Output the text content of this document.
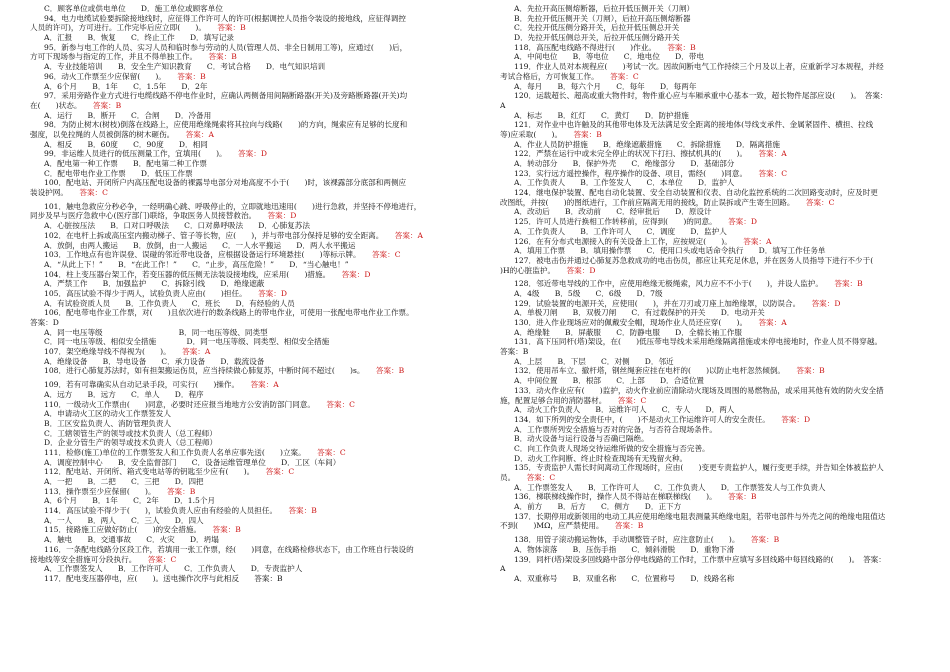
C．顾客单位或供电单位　　D．施工单位或顾客单位
94．电力电缆试验要拆除接地线时，应征得工作许可人的许可(根据调控人员指令装设的接地线，应征得调控
人员的许可)，方可进行。工作完毕后应立即(　　)。　　 答案：B
A．汇报　　B．恢复　　C．终止工作　　D．填写记录
95．新参与电工作的人员、实习人员和临时参与劳动的人员(管理人员、非全日制用工等)，应通过(　　)后，
方可下现场参与指定的工作，并且不得单独工作。　　 答案：B
A．专业技能培训　　B．安全生产知识教育　　C．考试合格　　D．电气知识培训
96．动火工作票至少应保留(　　)。　　 答案：B
A．6个月　　B．1年　　C．1.5年　　D．2年
97．采用旁路作业方式进行电缆线路不停电作业时，应确认两侧备用间隔断路器(开关)及旁路断路器(开关)均
在(　　)状态。　　 答案：B
A．运行　　B．断开　　C．合闸　　D．冷备用
98．为防止树木(树枝)倒落在线路上，应使用绝缘绳索将其拉向与线路(　　)的方向，绳索应有足够的长度和
强度，以免拉绳的人员被倒落的树木砸伤。　　 答案：A
A．相反　　B．60度　　C．90度　　D．相同
99．非运维人员进行的低压测量工作，宜填用(　　)。　　 答案：D
A．配电第一种工作票　　B．配电第二种工作票
C．配电带电作业工作票　　D．低压工作票
100．配电站、开闭所户内高压配电设备的裸露导电部分对地高度不小于(　　)时，该裸露部分底部和两侧应
装设护网。　　 答案：C
101．触电急救应分秒必争，一经明确心跳、呼吸停止的，立即就地迅速用(　　)进行急救，并坚持不停地进行，
同步及早与医疗急救中心(医疗部门)联络，争取医务人员接替救治。　　 答案：D
A．心脏按压法　　B．口对口呼吸法　　C．口对鼻呼吸法　　D．心肺复苏法
102．在电杆上拆或高压室内搬动梯子、管子等长物，应(　　)，并与带电部分保持足够的安全距离。　　 答案：A
A．放倒，由两人搬运　　B．放倒，由一人搬运　　C．一人水平搬运　　D．两人水平搬运
103．工作地点有也许误登、误碰的邻近带电设备，应根据设备运行环境悬挂(　　)等标示牌。　　 答案：C
A．“从此上下！”　　B．“在此工作！”　　C．“止步，高压危险！”　　D．“当心触电！”
104．柱上变压器台架工作，若变压器的低压侧无法装设接地线，应采用(　　)措施。　　 答案：D
A．严禁工作　　B．加强监护　　C．拆除引线　　D．绝缘遮蔽
105．高压试验不得少于两人，试验负责人应由(　　)担任。　　 答案：D
A．有试验资质人员　　B．工作负责人　　C．班长　　D．有经验的人员
106．配电带电作业工作票，对(　　)且依次进行的数条线路上的带电作业，可使用一张配电带电作业工作票。
答案：D
A．同一电压等级　　　　　　　　　　B．同一电压等级、同类型
C．同一电压等级、相似安全措施　　　　D．同一电压等级、同类型、相似安全措施
107．架空绝缘导线不得视为(　　)。　　 答案：A
A．绝缘设备　　B．导电设备　　C．承力设备　　D．载流设备
108．进行心肺复苏法时，如有担架搬运伤员，应当持续做心肺复苏，中断时间不超过(　　)s。　　 答案：B
109．若有可靠确实从自动记录手段，可实行(　　)操作。　　 答案：A
A．远方　　B．远方　　C．单人　　D．程序
110．一级动火工作票由(　　)同意，必要时还应报当地地方公安消防部门同意。　　 答案：C
A．申请动火工区的动火工作票签发人
B．工区安监负责人、消防管理负责人
C．工辖领管生产的领导或技术负责人（总工程师）
D．企业分管生产的领导或技术负责人（总工程师）
111．检修(施工)单位的工作票签发人和工作负责人名单应事先送(　　)立案。　　 答案：C
A．调度控制中心　　B．安全监督部门　　C．设备运维管理单位　　D．工区（车间）
112．配电站、开闭所、箱式变电站等的钥匙至少应有(　　)。　　 答案：C
A．一把　　B．二把　　C．三把　　D．四把
113．操作票至少应保留(　　)。　　 答案：B
A．6个月　　B．1年　　C．2年　　D．1.5个月
114．高压试验不得少于(　　)，试验负责人应由有经验的人员担任。　　 答案：B
A．一人　　B．两人　　C．三人　　D．四人
115．接路施工应做好防止(　　)的安全措施。　　 答案：B
A．触电　　B．交通事故　　C．火灾　　D．坍塌
116．一条配电线路分区段工作，若填用一张工作票，经(　　)同意，在线路检修状态下，由工作班自行装设的
接地线等安全措施可分段执行。　　 答案：C
A．工作票签发人　　B．工作许可人　　C．工作负责人　　D．专责监护人
117．配电变压器停电，应(　　)。送电操作次序与此相反　　答案：B
A．先拉开高压侧熔断器，后拉开低压侧开关（刀闸）
B．先拉开低压侧开关（刀闸），后拉开高压侧熔断器
C．先拉开低压侧分路开关，后拉开低压侧总开关
D．先拉开低压侧总开关，后拉开低压侧分路开关
118．高压配电线路不得进行(　　)作业。　　 答案：B
A．中间电位　　B．等电位　　C．地电位　　D．带电
119．作业人员对本规程应(　　)考试一次。因故间断电气工作持续三个月及以上者，应重新学习本规程，并经
考试合格后，方可恢复工作。　　 答案：C
A．每月　　B．每六个月　　C．每年　　D．每两年
120．运载超长、超高或重大物件时，物件重心应与车厢承重中心基本一致，超长物件尾部应设(　　)。　答案：
A
A．标志　　B．红灯　　C．黄灯　　D．防护措施
121．对作业中也许触及的其他带电体及无法满足安全距离的接地体(导线支承件、金属紧固件、横担、拉线
等)应采取(　　)。　　 答案：B
A．作业人员防护措施　　B．绝缘遮蔽措施　　C．拆除措施　　D．隔离措施
122．严禁在运行中或未完全停止的状况下打扫、擦拭机具的(　　)。　　 答案：A
A．转动部分　　B．保护外壳　　C．绝缘部分　　D．基础部分
123．实行远方遥控操作，程序操作的设备、项目，需经(　　)同意。　　 答案：C
A．工作负责人　　B．工作签发人　　C．本单位　　D．监护人
124．继电保护装置、配电自动化装置、安全自动装置和仪表、自动化监控系统的二次回路变动时，应及时更
改图纸，并按(　　)的图纸进行，工作前应隔离无用的接线，防止误拆或产生寄生回路。　　 答案：C
A．改动后　　B．改动前　　C．经审批后　　D．原设计
125．许可人员进行换相工作转移前，应得到(　　)的同意。　　 答案：D
A．工作负责人　　B．工作许可人　　C．调度　　D．监护人
126．在有分布式电源接入的有关设备上工作，应按规定(　　)。　　 答案：A
A．填用工作票　　B．填用操作票　　C．使用口头或电话命令执行　　D．填写工作任务单
127．被电击伤并通过心肺复苏急救成功的电击伤员，都应让其充足休息，并在医务人员指导下进行不少于(　　
)H的心脏监护。　　 答案：D
128．邻近带电导线的工作中，应使用绝缘无极绳索，风力应不不小于(　　)，并设人监护。　　 答案：B
A．4级　　B．5级　　C．6级　　D．7级
129．试验装置的电源开关，应使用(　　)，并在刀刃或刀座上加绝缘罩，以防误合。　　 答案：D
A．单极刀闸　　B．双极刀闸　　C．有过载保护的开关　　D．电动开关
130．进入作业现场应对的佩戴安全帽，现场作业人员还应穿(　　)。　　 答案：A
A．绝缘鞋　　B．屏蔽服　　C．防静电服　　D．全棉长袖工作服
131．高下压同杆(塔)架设，在(　　)低压带电导线未采用绝缘隔离措施或未停电接地时，作业人员不得穿越。
答案：B
A．上层　　B．下层　　C．对侧　　D．邻近
132．使用吊车立、撤杆塔，钢丝绳套应挂在电杆的(　　)以防止电杆忽然倾倒。　　 答案：B
A．中间位置　　B．根部　　C．上部　　D．合适位置
133．动火作业应有(　　)监护，动火作业前应清除动火现场及周围的易燃物品，或采用其他有效的防火安全措
施，配置足够合用的消防器材。　　 答案：C
A．动火工作负责人　　B．运维许可人　　C．专人　　D．两人
134．如下所列的安全责任中，(　　)不是动火工作运维许可人的安全责任。　　 答案：D
A．工作票所列安全措施与否对的完备，与否符合现场条件。
B．动火设备与运行设备与否确已隔绝。
C．向工作负责人现场交待运维所做的安全措施与否完善。
D．动火工作间断、终止时检查现场有无残留火种。
135．专责监护人需长时间离动工作现场时，应由(　　)变更专责监护人，履行变更手续，并告知全体被监护人
员。　　 答案：C
A．工作票签发人　　B．工作许可人　　C．工作负责人　　D．工作票签发人与工作负责人
136．梯联梯线操作时，操作人员不得站在梯联梯线(　　)。　　 答案：B
A．前方　　B．后方　　C．侧方　　D．正下方
137．长期停用或新领用的电动工具应使用绝缘电阻表测量其绝缘电阻，若带电部件与外壳之间的绝缘电阻值达
不到(　　)MΩ，应严禁使用。　　 答案：B
138．用管子滚动搬运物体，手动调整管子时，应注意防止(　　)。　　 答案：B
A．物体滚落　　B．压伤手指　　C．倾斜滑脱　　D．重物下滑
139．同杆(塔)架设多回线路中部分停电线路的工作时，工作票中应填写多回线路中每回线路的(　　)。　答案：
A
A．双重称号　　B．双重名称　　C．位置称号　　D．线路名称
